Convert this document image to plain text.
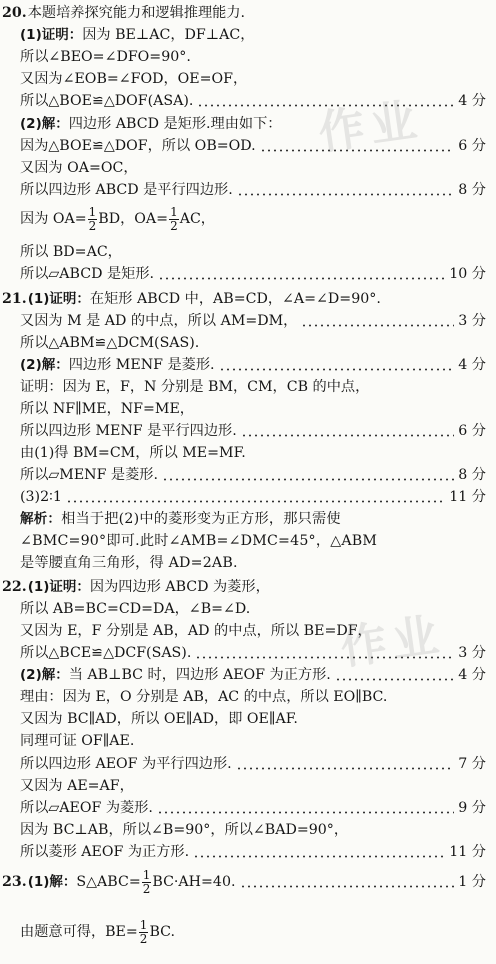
20. 本题培养探究能力和逻辑推理能力.
(1)证明： 因为 BE⊥AC，DF⊥AC，
所以∠BEO=∠DFO=90°.
又因为∠EOB=∠FOD，OE=OF，
所以△BOE≌△DOF(ASA).	4 分
(2)解： 四边形 ABCD 是矩形.理由如下：
因为△BOE≌△DOF，所以 OB=OD.	6 分
又因为 OA=OC，
所以四边形 ABCD 是平行四边形.	8 分
因为 $OA= \frac{1}{2}$ BD，$OA= \frac{1}{2}$ AC，
所以 BD=AC，
所以▱ABCD 是矩形.	10 分
21. (1)证明： 在矩形 ABCD 中，AB=CD，∠A=∠D=90°.
又因为 M 是 AD 的中点，所以 AM=DM，	3 分
所以△ABM≌△DCM(SAS).
(2)解： 四边形 MENF 是菱形.	4 分
证明：因为 E，F，N 分别是 BM，CM，CB 的中点，
所以 NF∥ME，NF=ME，
所以四边形 MENF 是平行四边形.	6 分
由(1)得 BM=CM，所以 ME=MF.
所以▱MENF 是菱形.	8 分
(3)2∶1	11 分
解析： 相当于把(2)中的菱形变为正方形，那只需使
∠BMC=90°即可.此时∠AMB=∠DMC=45°，△ABM
是等腰直角三角形，得 AD=2AB.
22. (1)证明： 因为四边形 ABCD 为菱形，
所以 AB=BC=CD=DA，∠B=∠D.
又因为 E，F 分别是 AB，AD 的中点，所以 BE=DF，
所以△BCE≌△DCF(SAS).	3 分
(2)解： 当 AB⊥BC 时，四边形 AEOF 为正方形.	4 分
理由：因为 E，O 分别是 AB，AC 的中点，所以 EO∥BC.
又因为 BC∥AD，所以 OE∥AD，即 OE∥AF.
同理可证 OF∥AE.
所以四边形 AEOF 为平行四边形.	7 分
又因为 AE=AF，
所以▱AEOF 为菱形.	9 分
因为 BC⊥AB，所以∠B=90°，所以∠BAD=90°，
所以菱形 AEOF 为正方形.	11 分
23. (1)解： S△ABC= $\frac{1}{2} BC\cdot AH=40$.	1 分
由题意可得，$BE= \frac{1}{2}$ BC.
作业
作业
